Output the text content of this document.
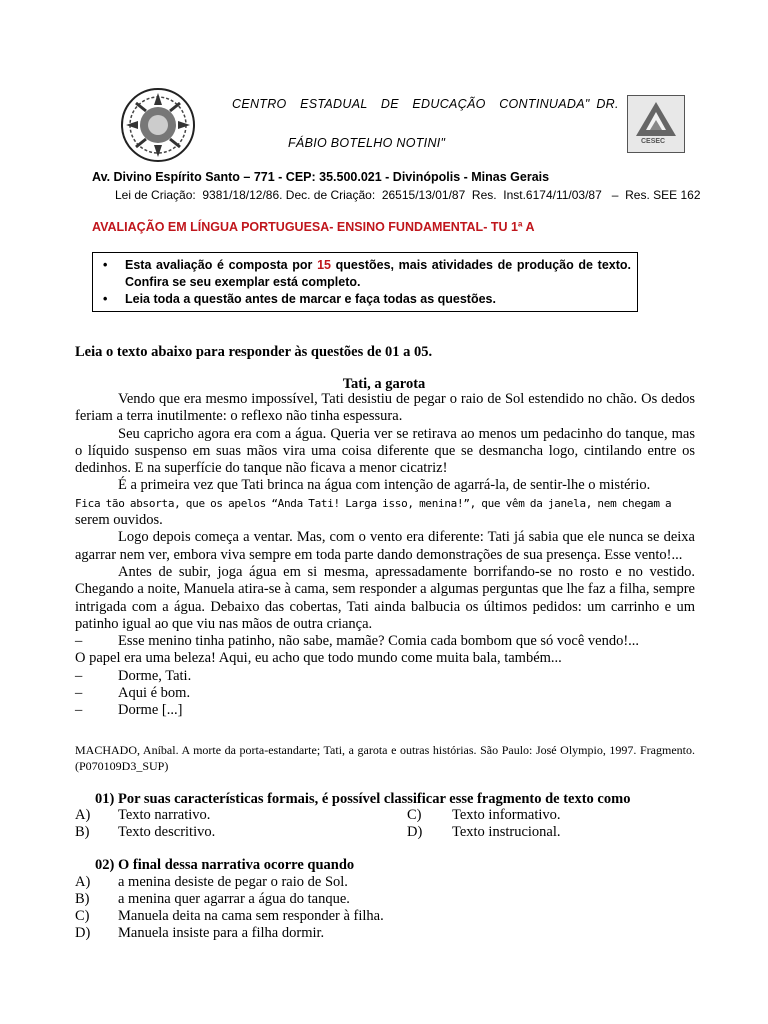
CESEC
CENTRO  ESTADUAL  DE  EDUCAÇÃO  CONTINUADA" DR.
FÁBIO BOTELHO NOTINI"
Av. Divino Espírito Santo – 771 - CEP: 35.500.021 - Divinópolis - Minas Gerais
Lei de Criação:  9381/18/12/86. Dec. de Criação:  26515/13/01/87  Res.  Inst.6174/11/03/87   –  Res. SEE 162
AVALIAÇÃO EM LÍNGUA PORTUGUESA- ENSINO FUNDAMENTAL- TU 1ª A
• Esta avaliação é composta por 15 questões, mais atividades de produção de texto. Confira se seu exemplar está completo.
• Leia toda a questão antes de marcar e faça todas as questões.
Leia o texto abaixo para responder às questões de 01 a 05.
Tati, a garota

Vendo que era mesmo impossível, Tati desistiu de pegar o raio de Sol estendido no chão. Os dedos feriam a terra inutilmente: o reflexo não tinha espessura.

Seu capricho agora era com a água. Queria ver se retirava ao menos um pedacinho do tanque, mas o líquido suspenso em suas mãos vira uma coisa diferente que se desmancha logo, cintilando entre os dedinhos. E na superfície do tanque não ficava a menor cicatriz!

É a primeira vez que Tati brinca na água com intenção de agarrá-la, de sentir-lhe o mistério.

Fica tão absorta, que os apelos “Anda Tati! Larga isso, menina!”, que vêm da janela, nem chegam a

serem ouvidos.

Logo depois começa a ventar. Mas, com o vento era diferente: Tati já sabia que ele nunca se deixa agarrar nem ver, embora viva sempre em toda parte dando demonstrações de sua presença. Esse vento!...

Antes de subir, joga água em si mesma, apressadamente borrifando-se no rosto e no vestido. Chegando a noite, Manuela atira-se à cama, sem responder a algumas perguntas que lhe faz a filha, sempre intrigada com a água. Debaixo das cobertas, Tati ainda balbucia os últimos pedidos: um carrinho e um patinho igual ao que viu nas mãos de outra criança.

–	Esse menino tinha patinho, não sabe, mamãe? Comia cada bombom que só você vendo!...

O papel era uma beleza! Aqui, eu acho que todo mundo come muita bala, também...

–	Dorme, Tati.
–	Aqui é bom.
–	Dorme [...]
MACHADO, Aníbal. A morte da porta-estandarte; Tati, a garota e outras histórias. São Paulo: José Olympio, 1997. Fragmento. (P070109D3_SUP)
01) Por suas características formais, é possível classificar esse fragmento de texto como
A) Texto narrativo.
B) Texto descritivo.
C) Texto informativo.
D) Texto instrucional.
02) O final dessa narrativa ocorre quando
A) a menina desiste de pegar o raio de Sol.
B) a menina quer agarrar a água do tanque.
C) Manuela deita na cama sem responder à filha.
D) Manuela insiste para a filha dormir.
